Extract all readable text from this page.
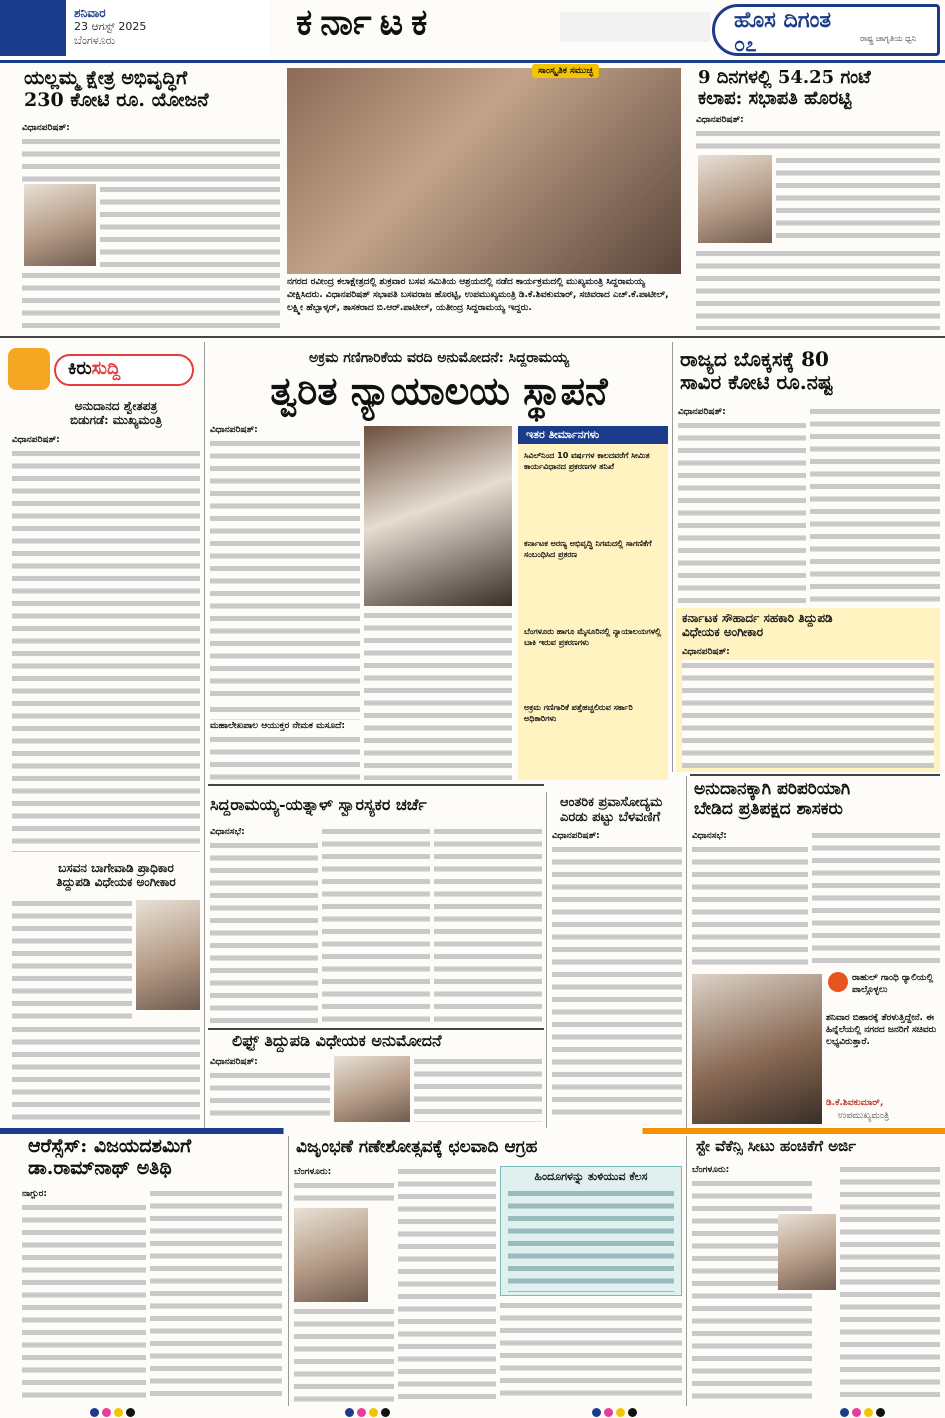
ಶನಿವಾರ
23 ಆಗಸ್ಟ್ 2025
ಬೆಂಗಳೂರು	ಕರ್ನಾಟಕ	ಹೊಸ ದಿಗಂತ
ರಾಷ್ಟ್ರ ಜಾಗೃತಿಯ ಧ್ವನಿ
೦೭
ಯಲ್ಲಮ್ಮ ಕ್ಷೇತ್ರ ಅಭಿವೃದ್ಧಿಗೆ
230 ಕೋಟಿ ರೂ. ಯೋಜನೆ
ವಿಧಾನಪರಿಷತ್:
ಸಾಂಸ್ಕೃತಿಕ ಸಮುಚ್ಛ
ನಗರದ ರವೀಂದ್ರ ಕಲಾಕ್ಷೇತ್ರದಲ್ಲಿ ಶುಕ್ರವಾರ ಬಸವ ಸಮಿತಿಯ ಆಶ್ರಯದಲ್ಲಿ ನಡೆದ ಕಾರ್ಯಕ್ರಮದಲ್ಲಿ ಮುಖ್ಯಮಂತ್ರಿ ಸಿದ್ದರಾಮಯ್ಯ ವೀಕ್ಷಿಸಿದರು. ವಿಧಾನಪರಿಷತ್ ಸಭಾಪತಿ ಬಸವರಾಜ ಹೊರಟ್ಟಿ, ಉಪಮುಖ್ಯಮಂತ್ರಿ ಡಿ.ಕೆ.ಶಿವಕುಮಾರ್, ಸಚಿವರಾದ ಎಚ್.ಕೆ.ಪಾಟೀಲ್, ಲಕ್ಷ್ಮೀ ಹೆಬ್ಬಾಳ್ಕರ್, ತಾಸಕರಾದ ಬಿ.ಆರ್.ಪಾಟೀಲ್, ಯತೀಂದ್ರ ಸಿದ್ದರಾಮಯ್ಯ ಇದ್ದರು.
9 ದಿನಗಳಲ್ಲಿ 54.25 ಗಂಟೆ
ಕಲಾಪ: ಸಭಾಪತಿ ಹೊರಟ್ಟಿ
ವಿಧಾನಪರಿಷತ್:
ಕಿರುಸುದ್ದಿ
ಅನುದಾನದ ಶ್ವೇತಪತ್ರ
ಬಿಡುಗಡೆ: ಮುಖ್ಯಮಂತ್ರಿ
ವಿಧಾನಪರಿಷತ್:
ಬಸವನ ಬಾಗೇವಾಡಿ ಪ್ರಾಧಿಕಾರ
ತಿದ್ದುಪಡಿ ವಿಧೇಯಕ ಅಂಗೀಕಾರ
ಅಕ್ರಮ ಗಣಿಗಾರಿಕೆಯ ವರದಿ ಅನುಮೋದನೆ: ಸಿದ್ದರಾಮಯ್ಯ
ತ್ವರಿತ ನ್ಯಾಯಾಲಯ ಸ್ಥಾಪನೆ
ವಿಧಾನಪರಿಷತ್:
ಮಹಾಲೇಖಪಾಲ ಆಯುಕ್ತರ ನೇಮಕ ಮಸೂದೆ:
ಇತರ ತೀರ್ಮಾನಗಳು
ಸಿವಿಲ್‌ನಿಂದ 10 ವರ್ಷಗಳ ಕಾಲದವರೆಗೆ ಸೀಮಿತ ಕಾರ್ಯವಿಧಾನದ ಪ್ರಕರಣಗಳ ತನಿಖೆ
ಕರ್ನಾಟಕ ಅರಣ್ಯ ಅಭಿವೃದ್ಧಿ ನಿಗಮದಲ್ಲಿ ಸಾಗಣಿಕೆಗೆ ಸಂಬಂಧಿಸಿದ ಪ್ರಕರಣ
ಬೆಂಗಳೂರು ಹಾಗೂ ಮೈಸೂರಿನಲ್ಲಿ ನ್ಯಾಯಾಲಯಗಳಲ್ಲಿ ಬಾಕಿ ಇರುವ ಪ್ರಕರಣಗಳು
ಅಕ್ರಮ ಗಣಿಗಾರಿಕೆ ಪತ್ತೆಹಚ್ಚಲಿರುವ ಸರ್ಕಾರಿ ಅಧಿಕಾರಿಗಳು
ರಾಜ್ಯದ ಬೊಕ್ಕಸಕ್ಕೆ 80
ಸಾವಿರ ಕೋಟಿ ರೂ.ನಷ್ಟ
ವಿಧಾನಪರಿಷತ್:
ಕರ್ನಾಟಕ ಸೌಹಾರ್ದ ಸಹಕಾರಿ ತಿದ್ದುಪಡಿ
ವಿಧೇಯಕ ಅಂಗೀಕಾರ
ವಿಧಾನಪರಿಷತ್:
ಸಿದ್ದರಾಮಯ್ಯ-ಯತ್ನಾಳ್ ಸ್ವಾರಸ್ಯಕರ ಚರ್ಚೆ
ವಿಧಾನಸಭೆ:
ಆಂತರಿಕ ಪ್ರವಾಸೋದ್ಯಮ
ಎರಡು ಪಟ್ಟು ಬೆಳವಣಿಗೆ
ವಿಧಾನಪರಿಷತ್:
ಅನುದಾನಕ್ಕಾಗಿ ಪರಿಪರಿಯಾಗಿ
ಬೇಡಿದ ಪ್ರತಿಪಕ್ಷದ ಶಾಸಕರು
ವಿಧಾನಸಭೆ:
ರಾಹುಲ್ ಗಾಂಧಿ ರ್‍ಯಾಲಿಯಲ್ಲಿ ಪಾಲ್ಗೊಳ್ಳಲು
ಶನಿವಾರ ಬಿಹಾರಕ್ಕೆ ತೆರಳುತ್ತಿದ್ದೇನೆ. ಈ ಹಿನ್ನೆಲೆಯಲ್ಲಿ ನಗರದ ಜನರಿಗೆ ಸಚಿವರು ಲಭ್ಯವಿರುತ್ತಾರೆ.
ಡಿ.ಕೆ.ಶಿವಕುಮಾರ್,
ಉಪಮುಖ್ಯಮಂತ್ರಿ
ಲಿಫ್ಟ್ ತಿದ್ದುಪಡಿ ವಿಧೇಯಕ ಅನುಮೋದನೆ
ವಿಧಾನಪರಿಷತ್:
ಆರೆಸ್ಸೆಸ್: ವಿಜಯದಶಮಿಗೆ
ಡಾ.ರಾಮ್‌ನಾಥ್ ಅತಿಥಿ
ನಾಗ್ಪುರ:
ವಿಜೃಂಭಣೆ ಗಣೇಶೋತ್ಸವಕ್ಕೆ ಛಲವಾದಿ ಆಗ್ರಹ
ಬೆಂಗಳೂರು:	ಹಿಂದೂಗಳನ್ನು ತುಳಿಯುವ ಕೆಲಸ
ಸ್ಟೇ ವೆಕೆನ್ಸಿ ಸೀಟು ಹಂಚಿಕೆಗೆ ಅರ್ಜಿ
ಬೆಂಗಳೂರು:
